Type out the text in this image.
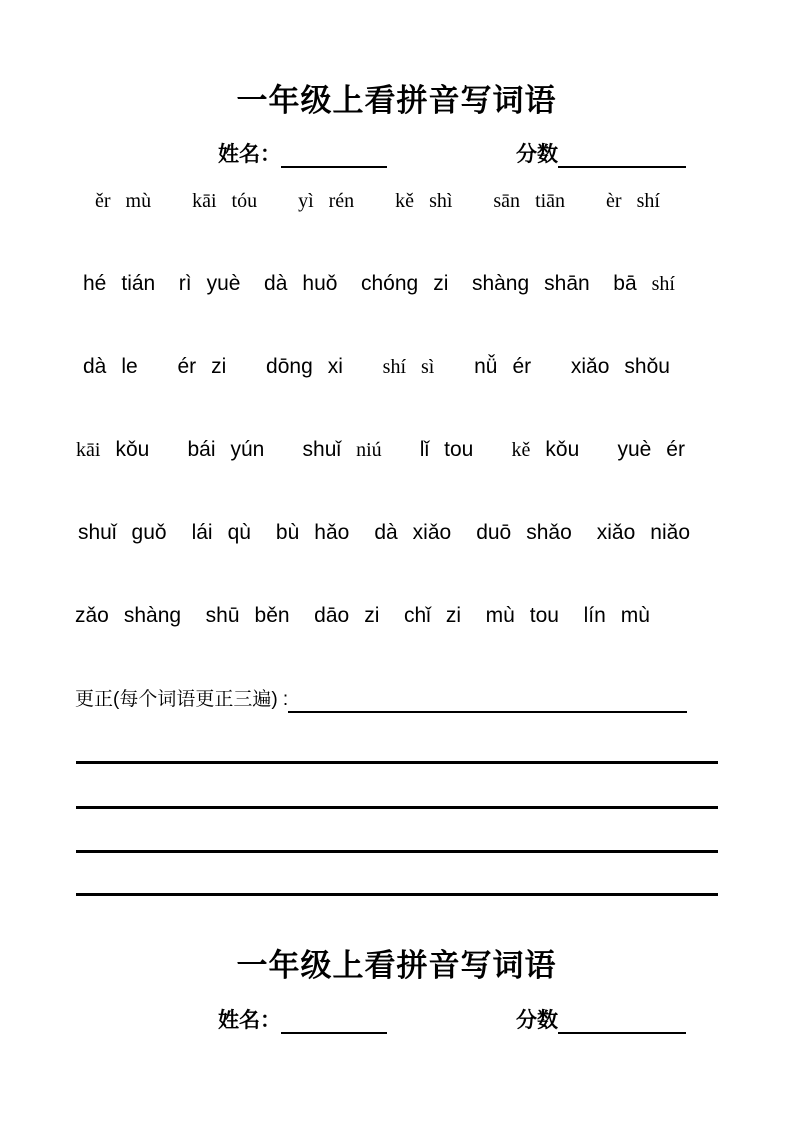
一年级上看拼音写词语
姓名：	分数
ěr mù kāi tóu yì rén kě shì sān tiān èr shí
hé tián rì yuè dà huǒ chóng zi shàng shān bā shí
dà le ér zi dōng xi shí sì nǚ ér xiǎo shǒu
kāi kǒu bái yún shuǐ niú lǐ tou kě kǒu yuè ér
shuǐ guǒ lái qù bù hǎo dà xiǎo duō shǎo xiǎo niǎo
zǎo shàng shū běn dāo zi chǐ zi mù tou lín mù
更正(每个词语更正三遍) :
一年级上看拼音写词语
姓名：	分数
